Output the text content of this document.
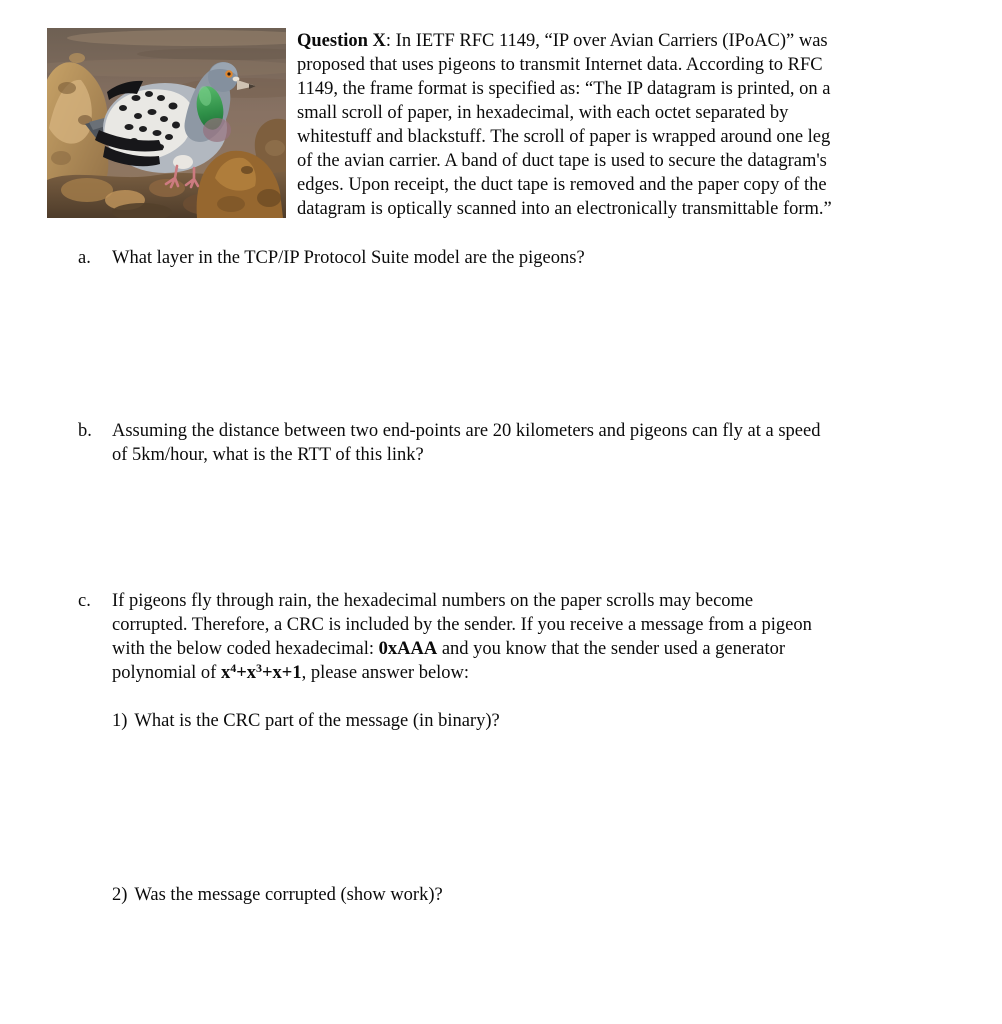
Question X: In IETF RFC 1149, “IP over Avian Carriers (IPoAC)” was
proposed that uses pigeons to transmit Internet data. According to RFC
1149, the frame format is specified as: “The IP datagram is printed, on a
small scroll of paper, in hexadecimal, with each octet separated by
whitestuff and blackstuff. The scroll of paper is wrapped around one leg
of the avian carrier. A band of duct tape is used to secure the datagram's
edges. Upon receipt, the duct tape is removed and the paper copy of the
datagram is optically scanned into an electronically transmittable form.”
a.	What layer in the TCP/IP Protocol Suite model are the pigeons?
b.	Assuming the distance between two end-points are 20 kilometers and pigeons can fly at a speed
of 5km/hour, what is the RTT of this link?
c.	If pigeons fly through rain, the hexadecimal numbers on the paper scrolls may become
corrupted. Therefore, a CRC is included by the sender. If you receive a message from a pigeon
with the below coded hexadecimal: 0xAAA and you know that the sender used a generator
polynomial of $x^4+x^3+x+1$, please answer below:
1) What is the CRC part of the message (in binary)?
2) Was the message corrupted (show work)?
